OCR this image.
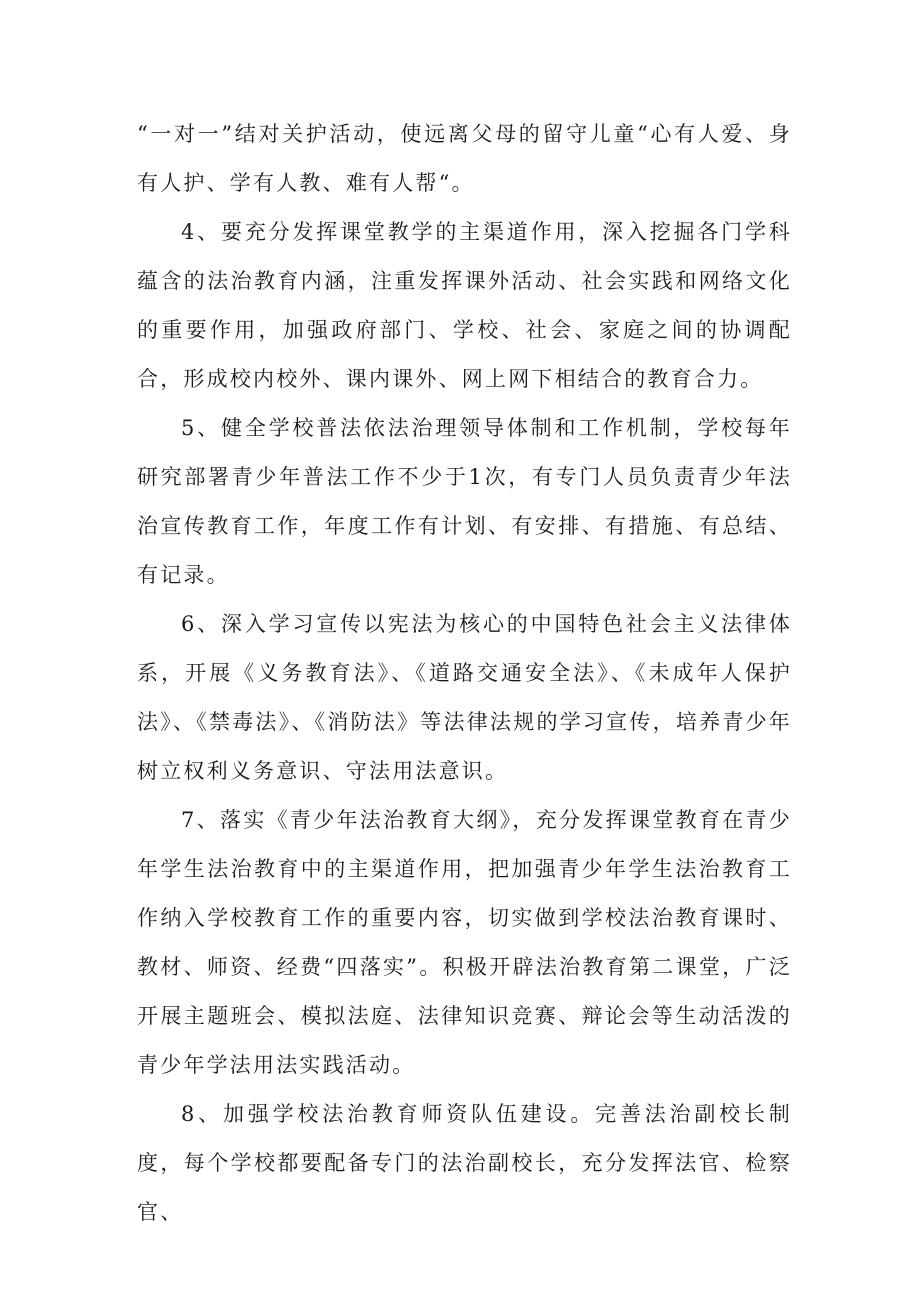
“一对一”结对关护活动，使远离父母的留守儿童“心有人爱、身有人护、学有人教、难有人帮“。

4、要充分发挥课堂教学的主渠道作用，深入挖掘各门学科蕴含的法治教育内涵，注重发挥课外活动、社会实践和网络文化的重要作用，加强政府部门、学校、社会、家庭之间的协调配合，形成校内校外、课内课外、网上网下相结合的教育合力。

5、健全学校普法依法治理领导体制和工作机制，学校每年研究部署青少年普法工作不少于1次，有专门人员负责青少年法治宣传教育工作，年度工作有计划、有安排、有措施、有总结、有记录。

6、深入学习宣传以宪法为核心的中国特色社会主义法律体系，开展《义务教育法》、《道路交通安全法》、《未成年人保护法》、《禁毒法》、《消防法》等法律法规的学习宣传，培养青少年树立权利义务意识、守法用法意识。

7、落实《青少年法治教育大纲》，充分发挥课堂教育在青少年学生法治教育中的主渠道作用，把加强青少年学生法治教育工作纳入学校教育工作的重要内容，切实做到学校法治教育课时、教材、师资、经费“四落实”。积极开辟法治教育第二课堂，广泛开展主题班会、模拟法庭、法律知识竞赛、辩论会等生动活泼的青少年学法用法实践活动。

8、加强学校法治教育师资队伍建设。完善法治副校长制度，每个学校都要配备专门的法治副校长，充分发挥法官、检察官、
